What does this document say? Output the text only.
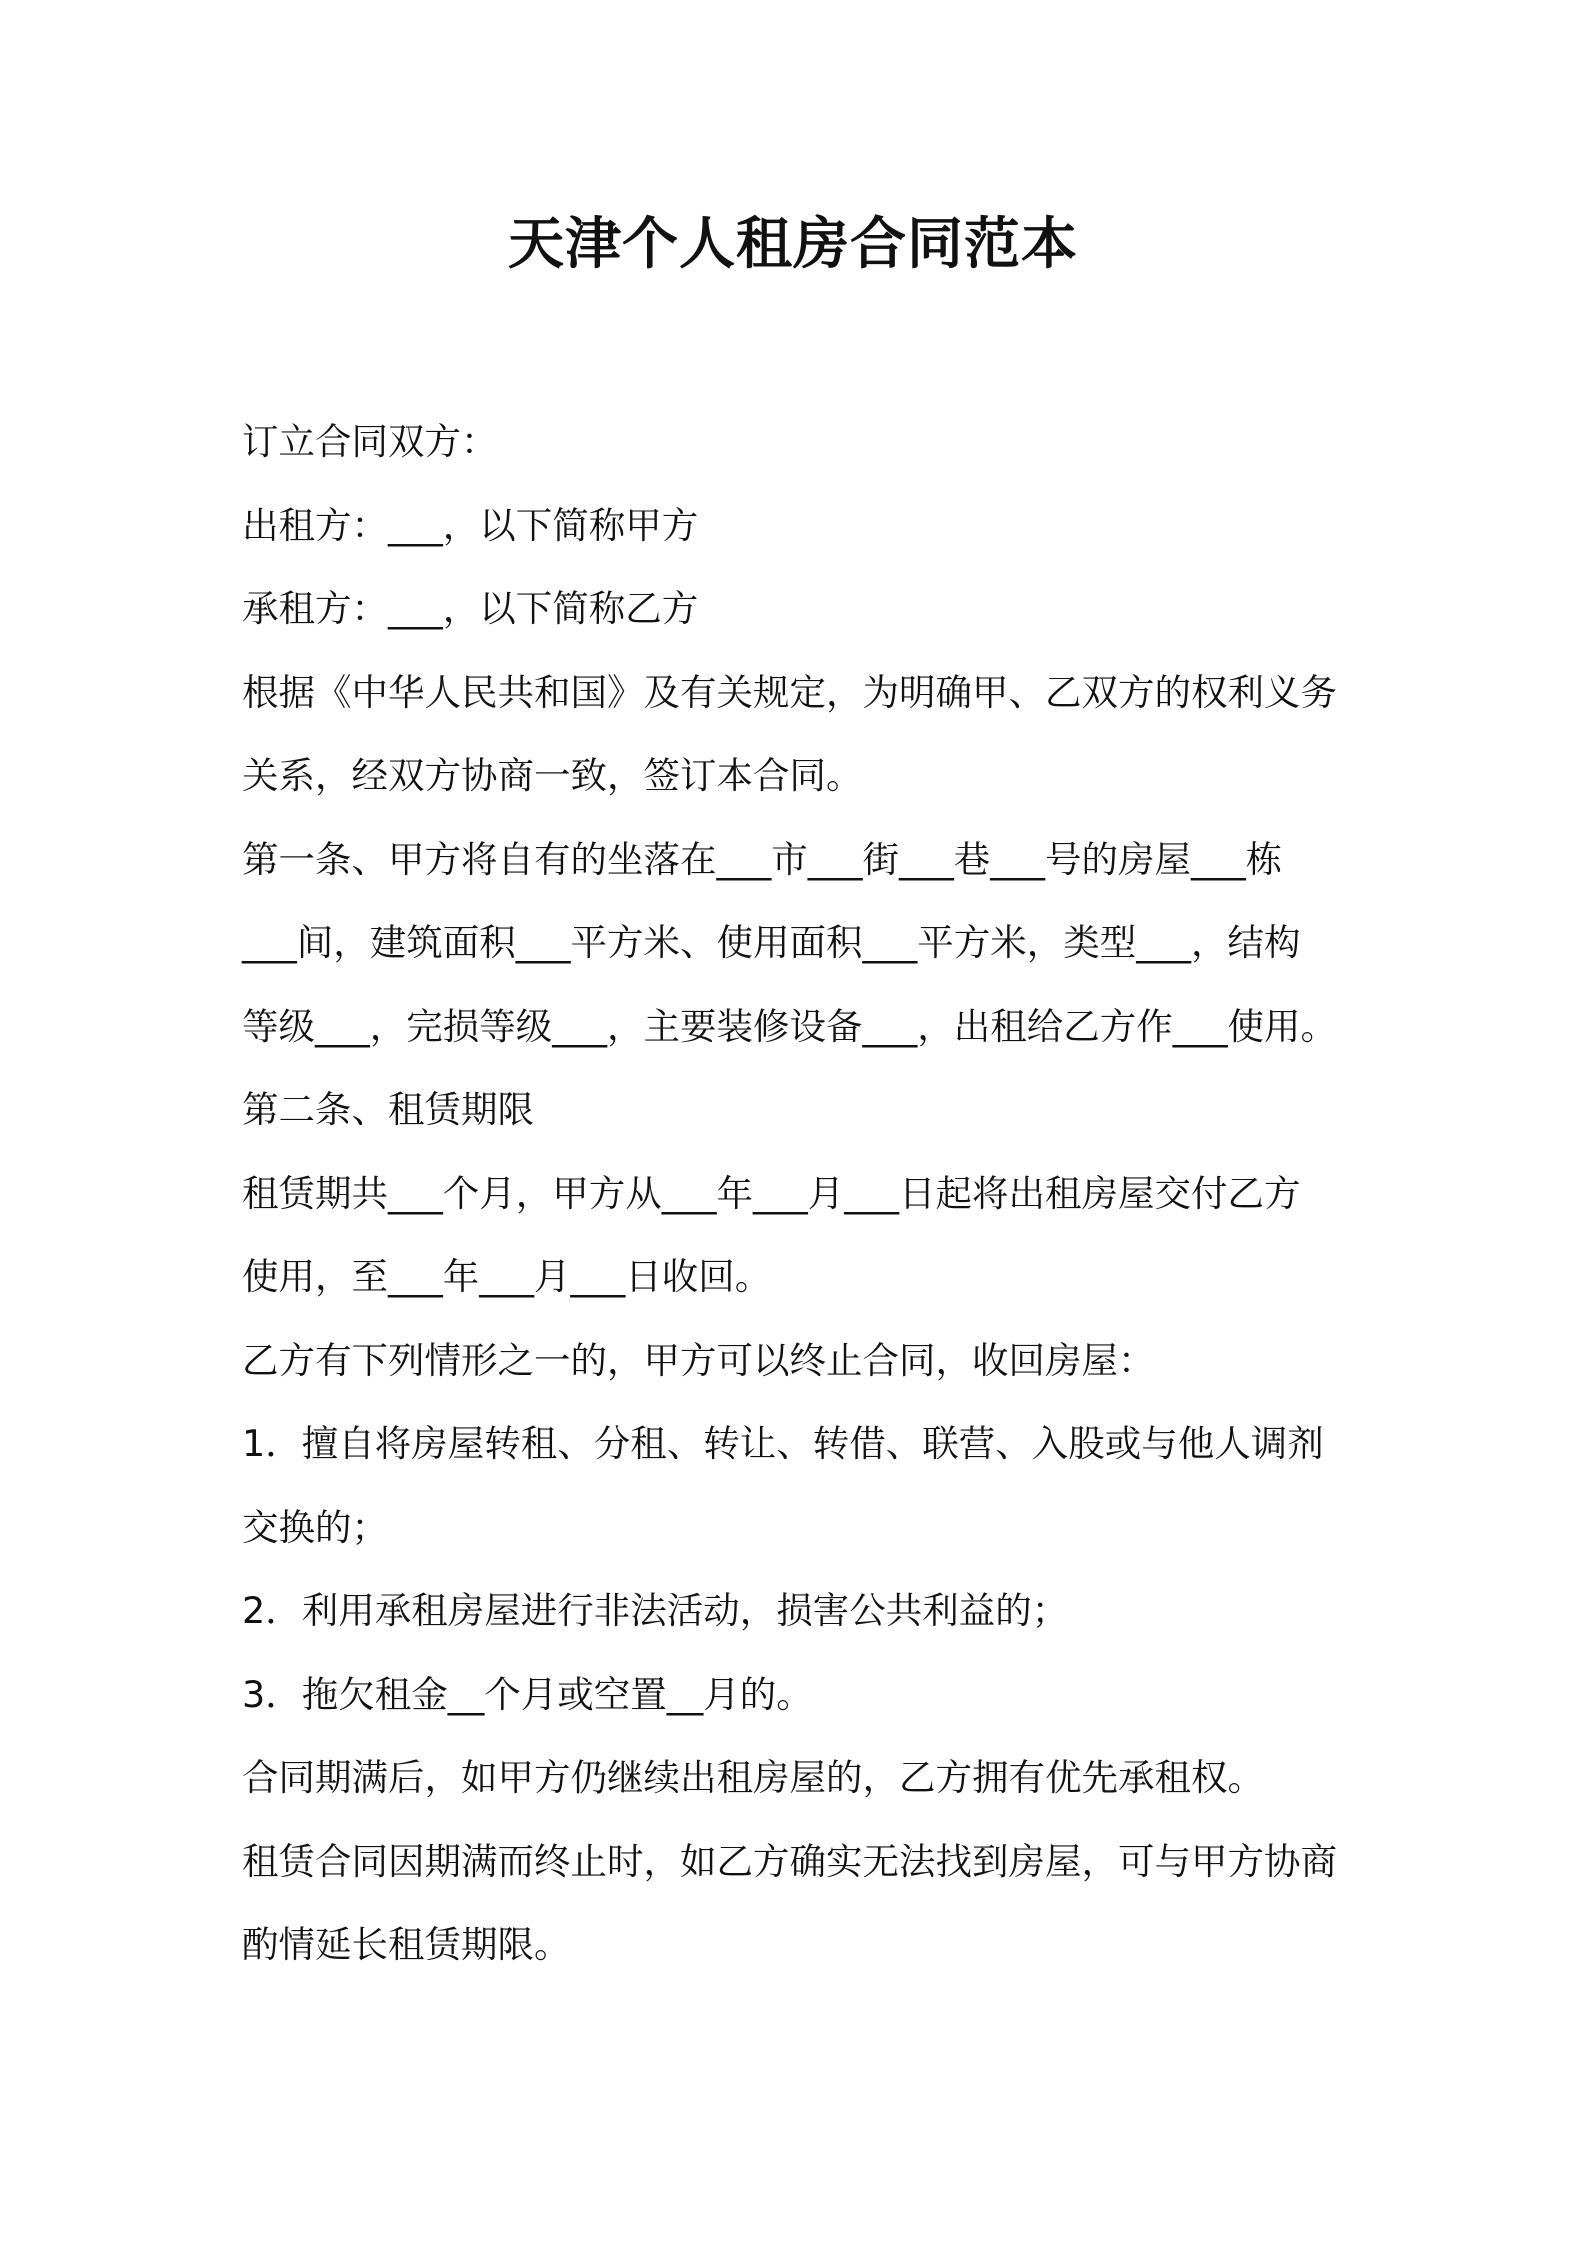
天津个人租房合同范本

订立合同双方：

出租方：___，以下简称甲方

承租方：___，以下简称乙方

根据《中华人民共和国》及有关规定，为明确甲、乙双方的权利义务

关系，经双方协商一致，签订本合同。

第一条、甲方将自有的坐落在___市___街___巷___号的房屋___栋

___间，建筑面积___平方米、使用面积___平方米，类型___，结构

等级___，完损等级___，主要装修设备___，出租给乙方作___使用。

第二条、租赁期限

租赁期共___个月，甲方从___年___月___日起将出租房屋交付乙方

使用，至___年___月___日收回。

乙方有下列情形之一的，甲方可以终止合同，收回房屋：

1．擅自将房屋转租、分租、转让、转借、联营、入股或与他人调剂

交换的；

2．利用承租房屋进行非法活动，损害公共利益的；

3．拖欠租金__个月或空置__月的。

合同期满后，如甲方仍继续出租房屋的，乙方拥有优先承租权。

租赁合同因期满而终止时，如乙方确实无法找到房屋，可与甲方协商

酌情延长租赁期限。
